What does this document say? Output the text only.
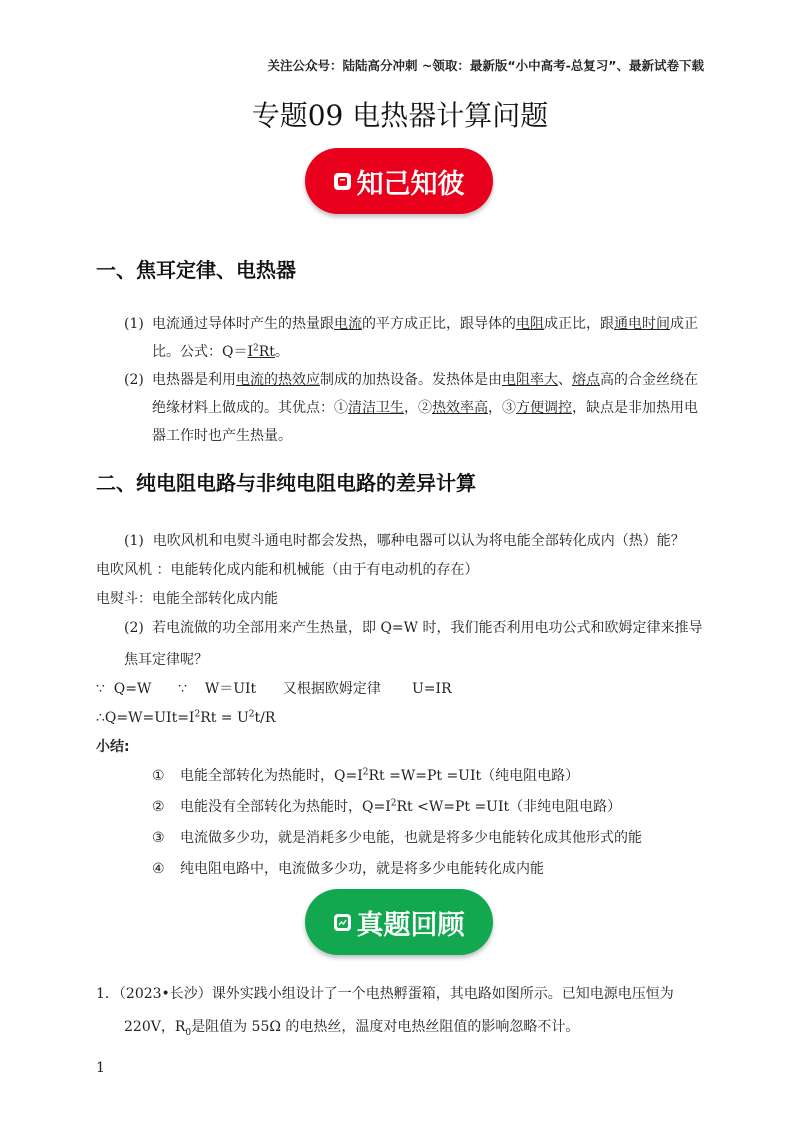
关注公众号：陆陆高分冲刺 ~领取：最新版“小中高考-总复习”、最新试卷下载
专题09 电热器计算问题
知己知彼
一、焦耳定律、电热器
(1) 电流通过导体时产生的热量跟电流的平方成正比，跟导体的电阻成正比，跟通电时间成正
比。公式：$Q=I^2Rt$。
(2) 电热器是利用电流的热效应制成的加热设备。发热体是由电阻率大、熔点高的合金丝绕在
绝缘材料上做成的。其优点：①清洁卫生，②热效率高，③方便调控，缺点是非加热用电
器工作时也产生热量。
二、纯电阻电路与非纯电阻电路的差异计算
(1) 电吹风机和电熨斗通电时都会发热，哪种电器可以认为将电能全部转化成内（热）能？
电吹风机 ：电能转化成内能和机械能（由于有电动机的存在）
电熨斗：电能全部转化成内能
(2) 若电流做的功全部用来产生热量，即 Q=W 时，我们能否利用电功公式和欧姆定律来推导
焦耳定律呢？
∵  Q=W      ∵    W＝UIt      又根据欧姆定律       U=IR
$\therefore Q=W=UIt=I^2Rt = U^2t/R$
小结:
① 电能全部转化为热能时，$Q=I^2Rt =W=Pt =UIt$（纯电阻电路）
② 电能没有全部转化为热能时，$Q=I^2Rt <W=Pt =UIt$（非纯电阻电路）
③ 电流做多少功，就是消耗多少电能，也就是将多少电能转化成其他形式的能
④ 纯电阻电路中，电流做多少功，就是将多少电能转化成内能
真题回顾
1．（2023•长沙）课外实践小组设计了一个电热孵蛋箱，其电路如图所示。已知电源电压恒为
220V，$R_0$是阻值为 55Ω 的电热丝，温度对电热丝阻值的影响忽略不计。
1
